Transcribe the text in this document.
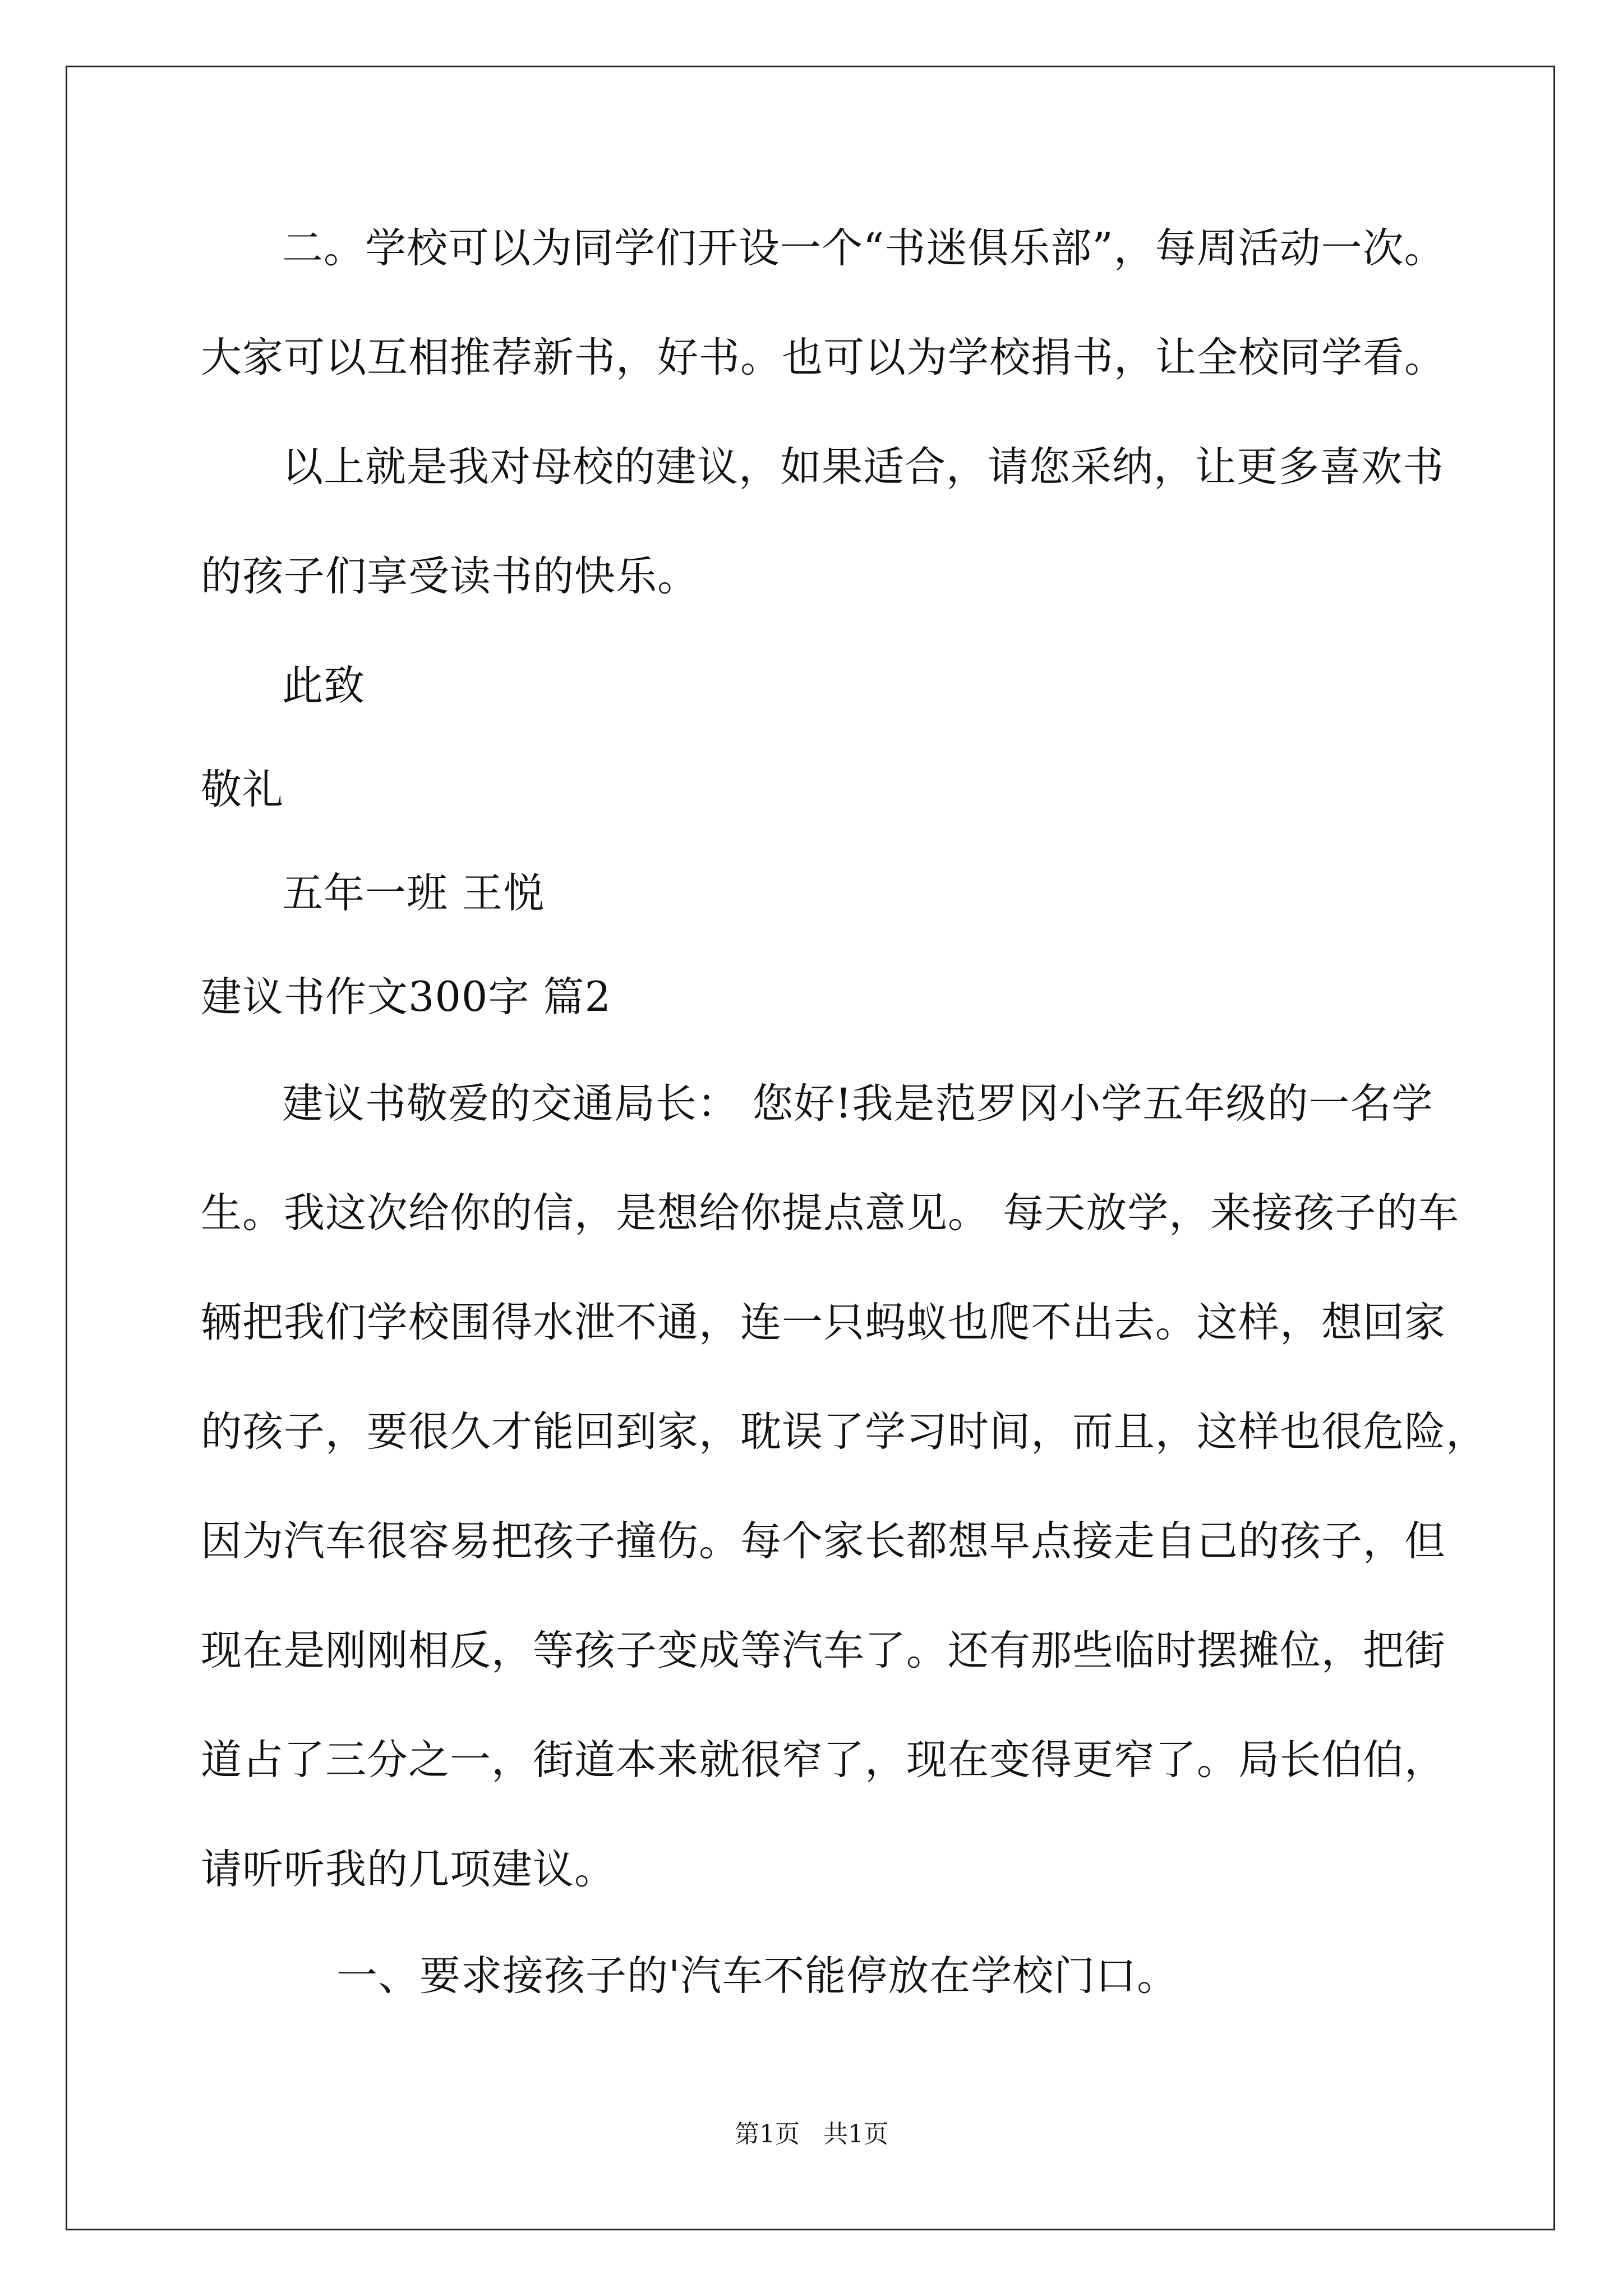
二。学校可以为同学们开设一个“书迷俱乐部”，每周活动一次。
大家可以互相推荐新书，好书。也可以为学校捐书，让全校同学看。
以上就是我对母校的建议，如果适合，请您采纳，让更多喜欢书
的孩子们享受读书的快乐。
此致
敬礼
五年一班 王悦
建议书作文300字 篇2
建议书敬爱的交通局长： 您好!我是范罗冈小学五年级的一名学
生。我这次给你的信，是想给你提点意见。 每天放学，来接孩子的车
辆把我们学校围得水泄不通，连一只蚂蚁也爬不出去。这样，想回家
的孩子，要很久才能回到家，耽误了学习时间，而且，这样也很危险，
因为汽车很容易把孩子撞伤。每个家长都想早点接走自己的孩子，但
现在是刚刚相反，等孩子变成等汽车了。还有那些临时摆摊位，把街
道占了三分之一，街道本来就很窄了，现在变得更窄了。局长伯伯，
请听听我的几项建议。
一、要求接孩子的'汽车不能停放在学校门口。
第1页   共1页
